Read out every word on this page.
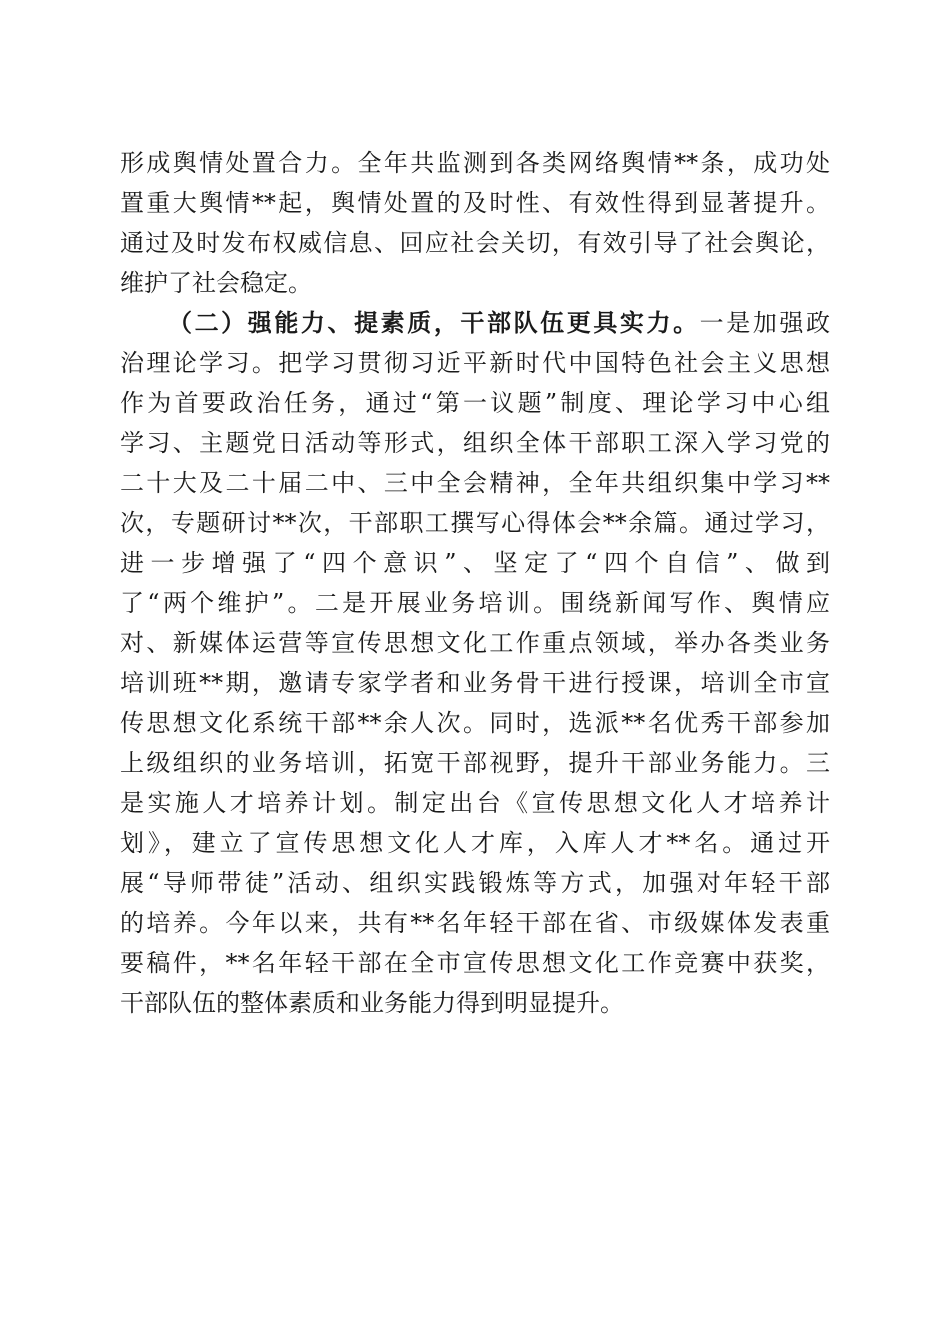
形成舆情处置合力。全年共监测到各类网络舆情**条，成功处
置重大舆情**起，舆情处置的及时性、有效性得到显著提升。
通过及时发布权威信息、回应社会关切，有效引导了社会舆论，
维护了社会稳定。
（二）强能力、提素质，干部队伍更具实力。一是加强政
治理论学习。把学习贯彻习近平新时代中国特色社会主义思想
作为首要政治任务，通过“第一议题”制度、理论学习中心组
学习、主题党日活动等形式，组织全体干部职工深入学习党的
二十大及二十届二中、三中全会精神，全年共组织集中学习**
次，专题研讨**次，干部职工撰写心得体会**余篇。通过学习，
进一步增强了“四个意识”、坚定了“四个自信”、做到
了“两个维护”。二是开展业务培训。围绕新闻写作、舆情应
对、新媒体运营等宣传思想文化工作重点领域，举办各类业务
培训班**期，邀请专家学者和业务骨干进行授课，培训全市宣
传思想文化系统干部**余人次。同时，选派**名优秀干部参加
上级组织的业务培训，拓宽干部视野，提升干部业务能力。三
是实施人才培养计划。制定出台《宣传思想文化人才培养计
划》，建立了宣传思想文化人才库，入库人才**名。通过开
展“导师带徒”活动、组织实践锻炼等方式，加强对年轻干部
的培养。今年以来，共有**名年轻干部在省、市级媒体发表重
要稿件，**名年轻干部在全市宣传思想文化工作竞赛中获奖，
干部队伍的整体素质和业务能力得到明显提升。
